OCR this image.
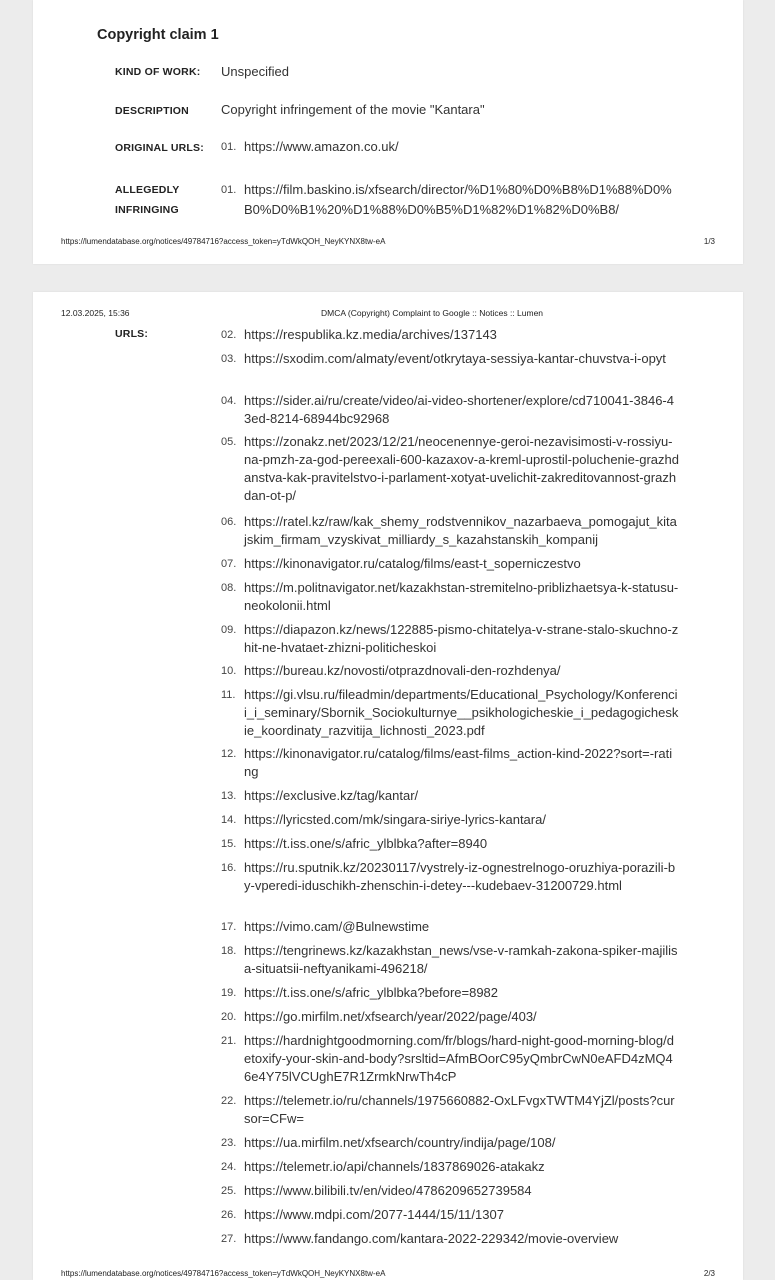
Copyright claim 1
KIND OF WORK: Unspecified
DESCRIPTION Copyright infringement of the movie "Kantara"
ORIGINAL URLS: 01. https://www.amazon.co.uk/
ALLEGEDLY
INFRINGING
01. https://film.baskino.is/xfsearch/director/%D1%80%D0%B8%D1%88%D0%B0%D0%B1%20%D1%88%D0%B5%D1%82%D1%82%D0%B8/
https://lumendatabase.org/notices/49784716?access_token=yTdWkQOH_NeyKYNX8tw-eA	1/3
12.03.2025, 15:36	DMCA (Copyright) Complaint to Google :: Notices :: Lumen
URLS:	02. https://respublika.kz.media/archives/137143
03. https://sxodim.com/almaty/event/otkrytaya-sessiya-kantar-chuvstva-i-opyt
04. https://sider.ai/ru/create/video/ai-video-shortener/explore/cd710041-3846-43ed-8214-68944bc92968
05. https://zonakz.net/2023/12/21/neocenennye-geroi-nezavisimosti-v-rossiyu-na-pmzh-za-god-pereexali-600-kazaxov-a-kreml-uprostil-poluchenie-grazhdanstva-kak-pravitelstvo-i-parlament-xotyat-uvelichit-zakreditovannost-grazhdan-ot-p/
06. https://ratel.kz/raw/kak_shemy_rodstvennikov_nazarbaeva_pomogajut_kitajskim_firmam_vzyskivat_milliardy_s_kazahstanskih_kompanij
07. https://kinonavigator.ru/catalog/films/east-t_soperniczestvo
08. https://m.politnavigator.net/kazakhstan-stremitelno-priblizhaetsya-k-statusu-neokolonii.html
09. https://diapazon.kz/news/122885-pismo-chitatelya-v-strane-stalo-skuchno-zhit-ne-hvataet-zhizni-politicheskoi
10. https://bureau.kz/novosti/otprazdnovali-den-rozhdenya/
11. https://gi.vlsu.ru/fileadmin/departments/Educational_Psychology/Konferencii_i_seminary/Sbornik_Sociokulturnye__psikhologicheskie_i_pedagogicheskie_koordinaty_razvitija_lichnosti_2023.pdf
12. https://kinonavigator.ru/catalog/films/east-films_action-kind-2022?sort=-rating
13. https://exclusive.kz/tag/kantar/
14. https://lyricsted.com/mk/singara-siriye-lyrics-kantara/
15. https://t.iss.one/s/afric_ylblbka?after=8940
16. https://ru.sputnik.kz/20230117/vystrely-iz-ognestrelnogo-oruzhiya-porazili-by-vperedi-iduschikh-zhenschin-i-detey---kudebaev-31200729.html
17. https://vimo.cam/@Bulnewstime
18. https://tengrinews.kz/kazakhstan_news/vse-v-ramkah-zakona-spiker-majilisa-situatsii-neftyanikami-496218/
19. https://t.iss.one/s/afric_ylblbka?before=8982
20. https://go.mirfilm.net/xfsearch/year/2022/page/403/
21. https://hardnightgoodmorning.com/fr/blogs/hard-night-good-morning-blog/detoxify-your-skin-and-body?srsltid=AfmBOorC95yQmbrCwN0eAFD4zMQ46e4Y75lVCUghE7R1ZrmkNrwTh4cP
22. https://telemetr.io/ru/channels/1975660882-OxLFvgxTWTM4YjZl/posts?cursor=CFw=
23. https://ua.mirfilm.net/xfsearch/country/indija/page/108/
24. https://telemetr.io/api/channels/1837869026-atakakz
25. https://www.bilibili.tv/en/video/4786209652739584
26. https://www.mdpi.com/2077-1444/15/11/1307
27. https://www.fandango.com/kantara-2022-229342/movie-overview
https://lumendatabase.org/notices/49784716?access_token=yTdWkQOH_NeyKYNX8tw-eA	2/3
